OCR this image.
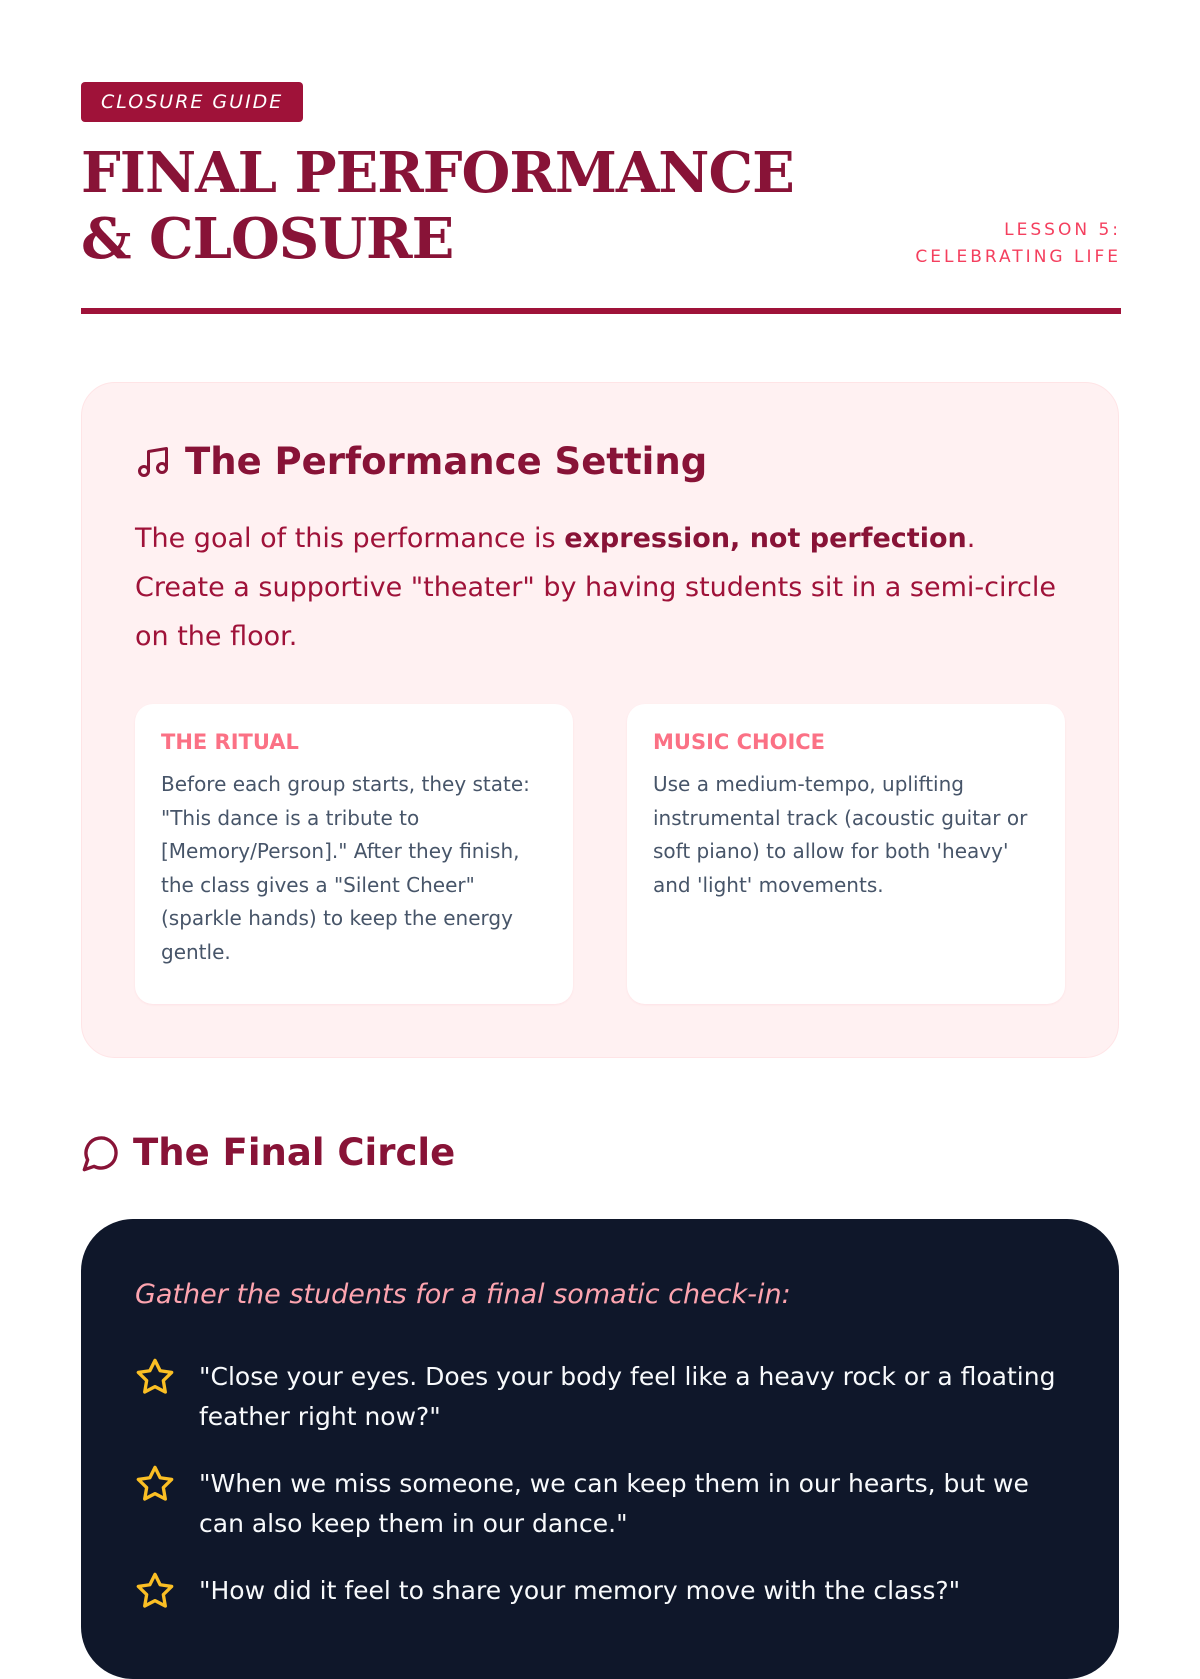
CLOSURE GUIDE
FINAL PERFORMANCE & CLOSURE	LESSON 5:
CELEBRATING LIFE
The Performance Setting

The goal of this performance is expression, not perfection. Create a supportive "theater" by having students sit in a semi-circle on the floor.

THE RITUAL

Before each group starts, they state: "This dance is a tribute to [Memory/Person]." After they finish, the class gives a "Silent Cheer" (sparkle hands) to keep the energy gentle.

MUSIC CHOICE

Use a medium-tempo, uplifting instrumental track (acoustic guitar or soft piano) to allow for both 'heavy' and 'light' movements.

The Final Circle

Gather the students for a final somatic check-in:

"Close your eyes. Does your body feel like a heavy rock or a floating feather right now?"
"When we miss someone, we can keep them in our hearts, but we can also keep them in our dance."
"How did it feel to share your memory move with the class?"
